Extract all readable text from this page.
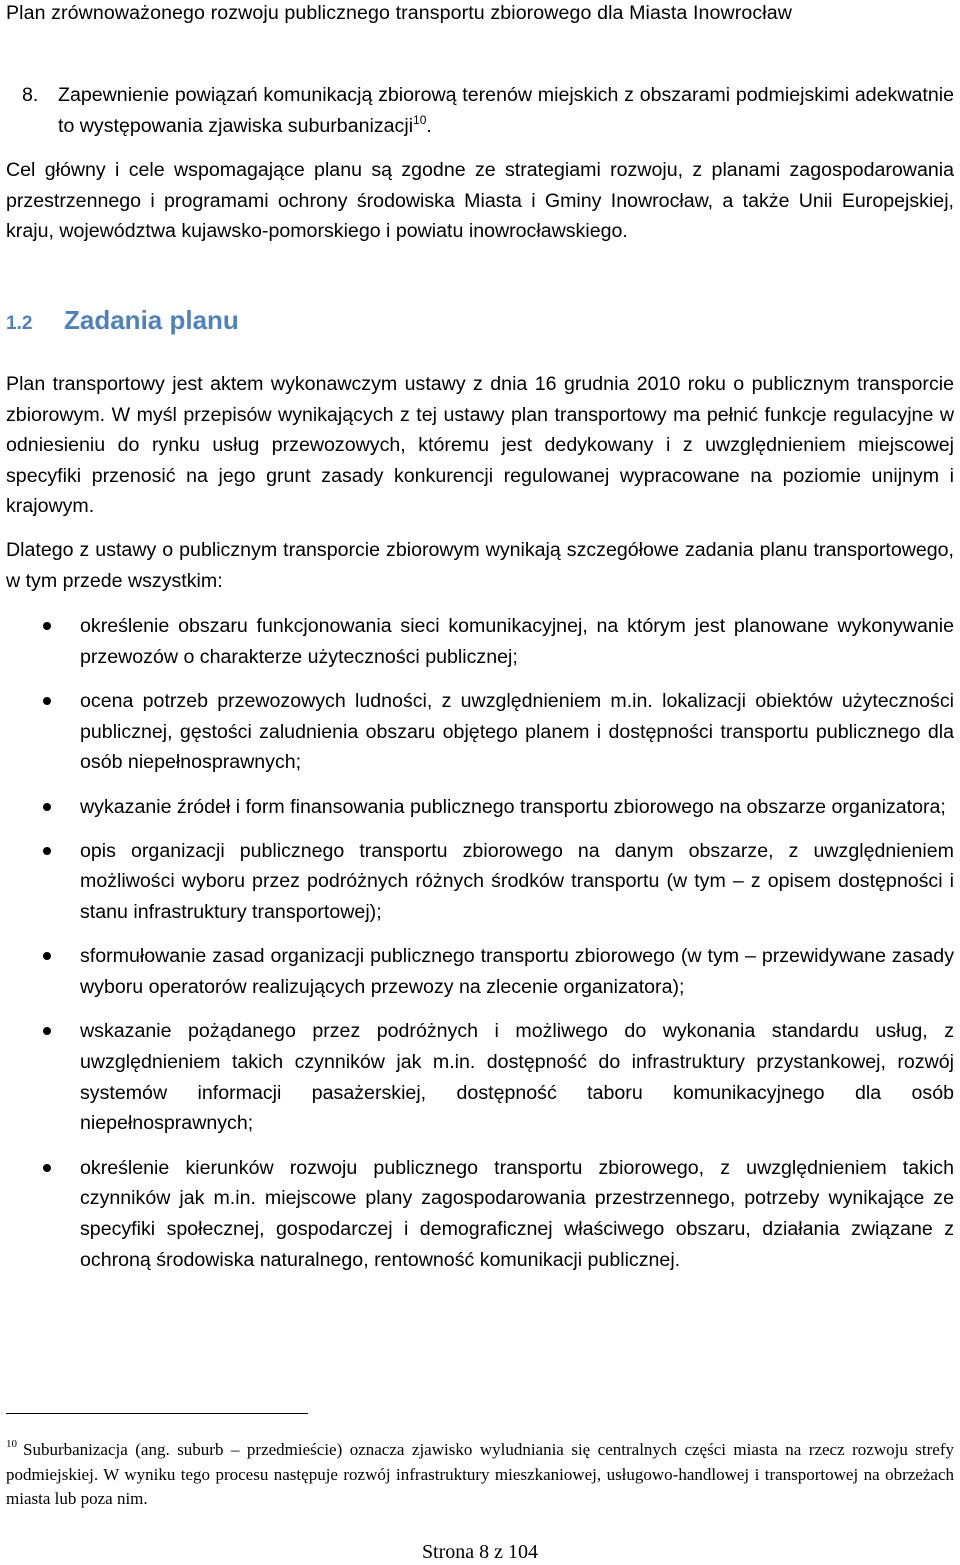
Plan zrównoważonego rozwoju publicznego transportu zbiorowego dla Miasta Inowrocław
8. Zapewnienie powiązań komunikacją zbiorową terenów miejskich z obszarami podmiejskimi adekwatnie to występowania zjawiska suburbanizacji$^{10}$.
Cel główny i cele wspomagające planu są zgodne ze strategiami rozwoju, z planami zagospodarowania przestrzennego i programami ochrony środowiska Miasta i Gminy Inowrocław, a także Unii Europejskiej, kraju, województwa kujawsko-pomorskiego i powiatu inowrocławskiego.
1.2 Zadania planu
Plan transportowy jest aktem wykonawczym ustawy z dnia 16 grudnia 2010 roku o publicznym transporcie zbiorowym. W myśl przepisów wynikających z tej ustawy plan transportowy ma pełnić funkcje regulacyjne w odniesieniu do rynku usług przewozowych, któremu jest dedykowany i z uwzględnieniem miejscowej specyfiki przenosić na jego grunt zasady konkurencji regulowanej wypracowane na poziomie unijnym i krajowym.
Dlatego z ustawy o publicznym transporcie zbiorowym wynikają szczegółowe zadania planu transportowego, w tym przede wszystkim:
określenie obszaru funkcjonowania sieci komunikacyjnej, na którym jest planowane wykonywanie przewozów o charakterze użyteczności publicznej;
ocena potrzeb przewozowych ludności, z uwzględnieniem m.in. lokalizacji obiektów użyteczności publicznej, gęstości zaludnienia obszaru objętego planem i dostępności transportu publicznego dla osób niepełnosprawnych;
wykazanie źródeł i form finansowania publicznego transportu zbiorowego na obszarze organizatora;
opis organizacji publicznego transportu zbiorowego na danym obszarze, z uwzględnieniem możliwości wyboru przez podróżnych różnych środków transportu (w tym – z opisem dostępności i stanu infrastruktury transportowej);
sformułowanie zasad organizacji publicznego transportu zbiorowego (w tym – przewidywane zasady wyboru operatorów realizujących przewozy na zlecenie organizatora);
wskazanie pożądanego przez podróżnych i możliwego do wykonania standardu usług, z uwzględnieniem takich czynników jak m.in. dostępność do infrastruktury przystankowej, rozwój systemów informacji pasażerskiej, dostępność taboru komunikacyjnego dla osób niepełnosprawnych;
określenie kierunków rozwoju publicznego transportu zbiorowego, z uwzględnieniem takich czynników jak m.in. miejscowe plany zagospodarowania przestrzennego, potrzeby wynikające ze specyfiki społecznej, gospodarczej i demograficznej właściwego obszaru, działania związane z ochroną środowiska naturalnego, rentowność komunikacji publicznej.
$^{10}$ Suburbanizacja (ang. suburb – przedmieście) oznacza zjawisko wyludniania się centralnych części miasta na rzecz rozwoju strefy podmiejskiej. W wyniku tego procesu następuje rozwój infrastruktury mieszkaniowej, usługowo-handlowej i transportowej na obrzeżach miasta lub poza nim.
Strona 8 z 104
